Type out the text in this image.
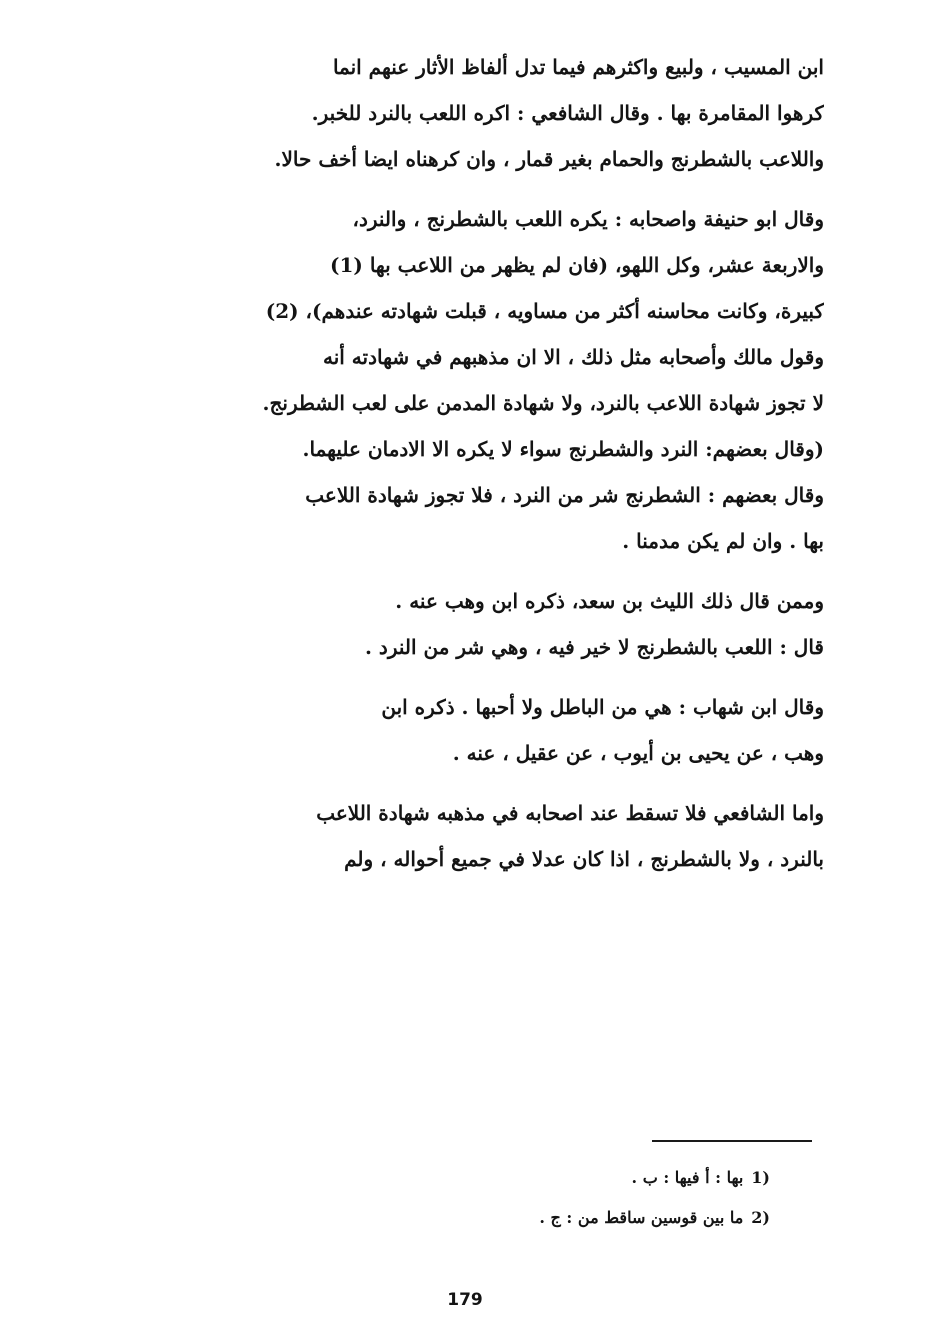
ابن المسيب ، ولبيع واكثرهم فيما تدل ألفاظ الأثار عنهم انما
كرهوا المقامرة بها . وقال الشافعي : اكره اللعب بالنرد للخبر.
واللاعب بالشطرنج والحمام بغير قمار ، وان كرهناه ايضا أخف حالا.

وقال ابو حنيفة واصحابه : يكره اللعب بالشطرنج ، والنرد،
والاربعة عشر، وكل اللهو، (فان لم يظهر من اللاعب بها (1)
كبيرة، وكانت محاسنه أكثر من مساويه ، قبلت شهادته عندهم)، (2)
وقول مالك وأصحابه مثل ذلك ، الا ان مذهبهم في شهادته أنه
لا تجوز شهادة اللاعب بالنرد، ولا شهادة المدمن على لعب الشطرنج.
(وقال بعضهم: النرد والشطرنج سواء لا يكره الا الادمان عليهما.
وقال بعضهم : الشطرنج شر من النرد ، فلا تجوز شهادة اللاعب
بها . وان لم يكن مدمنا .

وممن قال ذلك الليث بن سعد، ذكره ابن وهب عنه .
قال : اللعب بالشطرنج لا خير فيه ، وهي شر من النرد .

وقال ابن شهاب : هي من الباطل ولا أحبها . ذكره ابن
وهب ، عن يحيى بن أيوب ، عن عقيل ، عنه .

واما الشافعي فلا تسقط عند اصحابه في مذهبه شهادة اللاعب
بالنرد ، ولا بالشطرنج ، اذا كان عدلا في جميع أحواله ، ولم

1)
بها : أ فيها : ب .
2)
ما بين قوسين ساقط من : ج .
179
